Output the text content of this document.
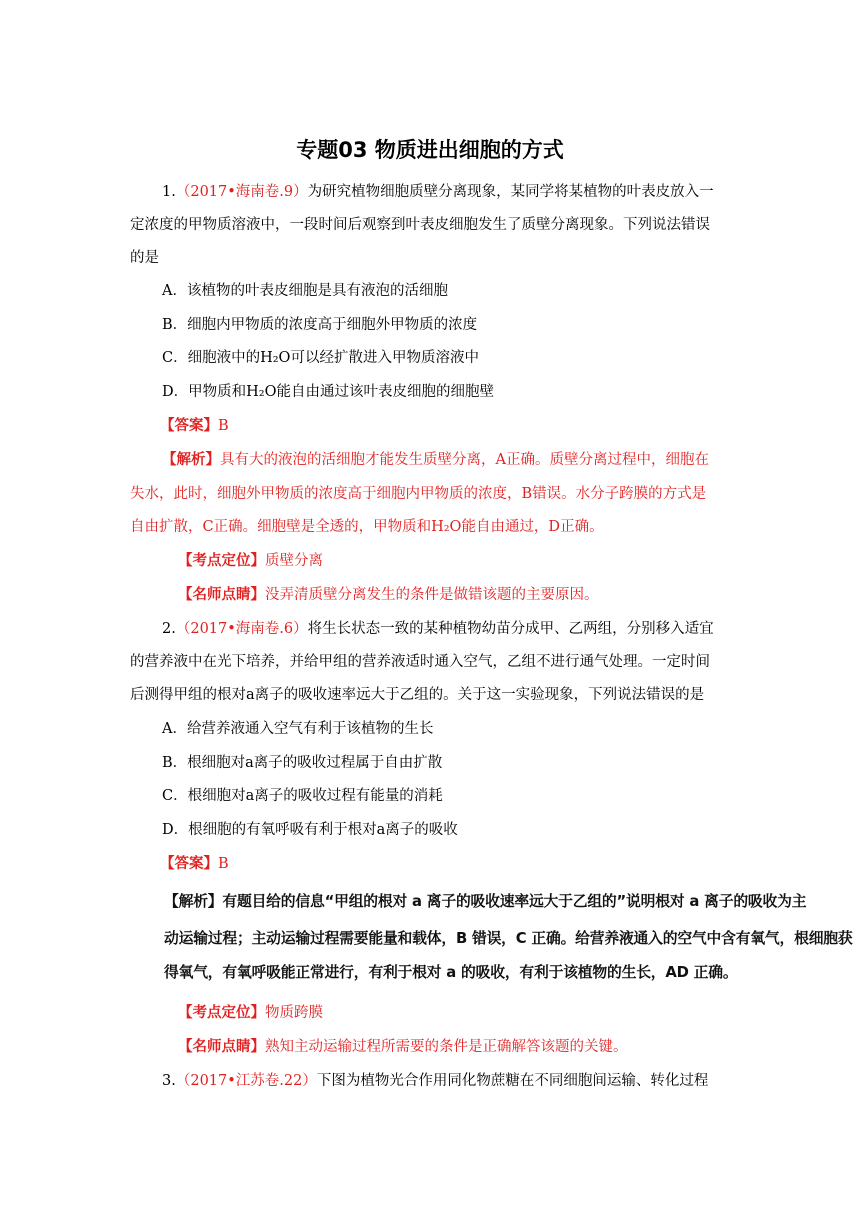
专题03 物质进出细胞的方式
1.（2017•海南卷.9）为研究植物细胞质壁分离现象，某同学将某植物的叶表皮放入一
定浓度的甲物质溶液中，一段时间后观察到叶表皮细胞发生了质壁分离现象。下列说法错误
的是
A．该植物的叶表皮细胞是具有液泡的活细胞
B．细胞内甲物质的浓度高于细胞外甲物质的浓度
C．细胞液中的H₂O可以经扩散进入甲物质溶液中
D．甲物质和H₂O能自由通过该叶表皮细胞的细胞壁
【答案】B
【解析】具有大的液泡的活细胞才能发生质壁分离，A正确。质壁分离过程中，细胞在
失水，此时，细胞外甲物质的浓度高于细胞内甲物质的浓度，B错误。水分子跨膜的方式是
自由扩散，C正确。细胞壁是全透的，甲物质和H₂O能自由通过，D正确。
【考点定位】质壁分离
【名师点睛】没弄清质壁分离发生的条件是做错该题的主要原因。
2.（2017•海南卷.6）将生长状态一致的某种植物幼苗分成甲、乙两组，分别移入适宜
的营养液中在光下培养，并给甲组的营养液适时通入空气，乙组不进行通气处理。一定时间
后测得甲组的根对a离子的吸收速率远大于乙组的。关于这一实验现象，下列说法错误的是
A．给营养液通入空气有利于该植物的生长
B．根细胞对a离子的吸收过程属于自由扩散
C．根细胞对a离子的吸收过程有能量的消耗
D．根细胞的有氧呼吸有利于根对a离子的吸收
【答案】B
【解析】有题目给的信息“甲组的根对 a 离子的吸收速率远大于乙组的”说明根对 a 离子的吸收为主
动运输过程；主动运输过程需要能量和载体，B 错误，C 正确。给营养液通入的空气中含有氧气，根细胞获
得氧气，有氧呼吸能正常进行，有利于根对 a 的吸收，有利于该植物的生长，AD 正确。
【考点定位】物质跨膜
【名师点睛】熟知主动运输过程所需要的条件是正确解答该题的关键。
3.（2017•江苏卷.22）下图为植物光合作用同化物蔗糖在不同细胞间运输、转化过程
